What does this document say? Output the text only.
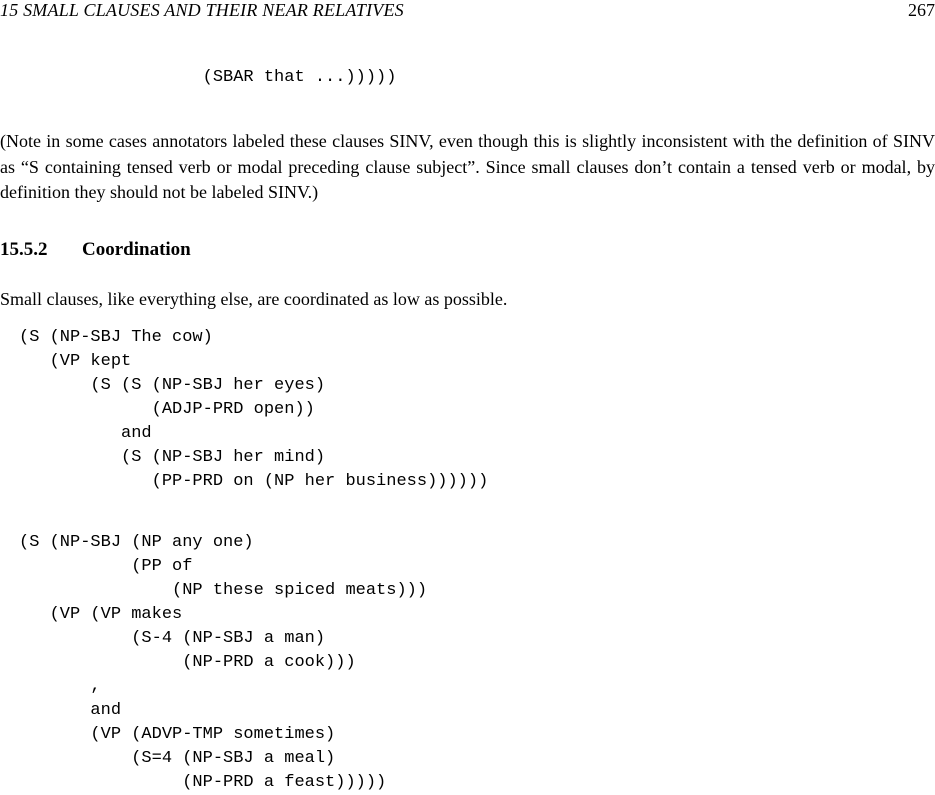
15 SMALL CLAUSES AND THEIR NEAR RELATIVES	267
(SBAR that ...)))))

(Note in some cases annotators labeled these clauses SINV, even though this is slightly inconsistent with the definition of SINV as “S containing tensed verb or modal preceding clause subject”. Since small clauses don’t contain a tensed verb or modal, by definition they should not be labeled SINV.)

15.5.2 Coordination

Small clauses, like everything else, are coordinated as low as possible.

(S (NP-SBJ The cow)
(VP kept
(S (S (NP-SBJ her eyes)
(ADJP-PRD open))
and
(S (NP-SBJ her mind)
(PP-PRD on (NP her business))))))
(S (NP-SBJ (NP any one)
(PP of
(NP these spiced meats)))
(VP (VP makes
(S-4 (NP-SBJ a man)
(NP-PRD a cook)))
,
and
(VP (ADVP-TMP sometimes)
(S=4 (NP-SBJ a meal)
(NP-PRD a feast)))))
